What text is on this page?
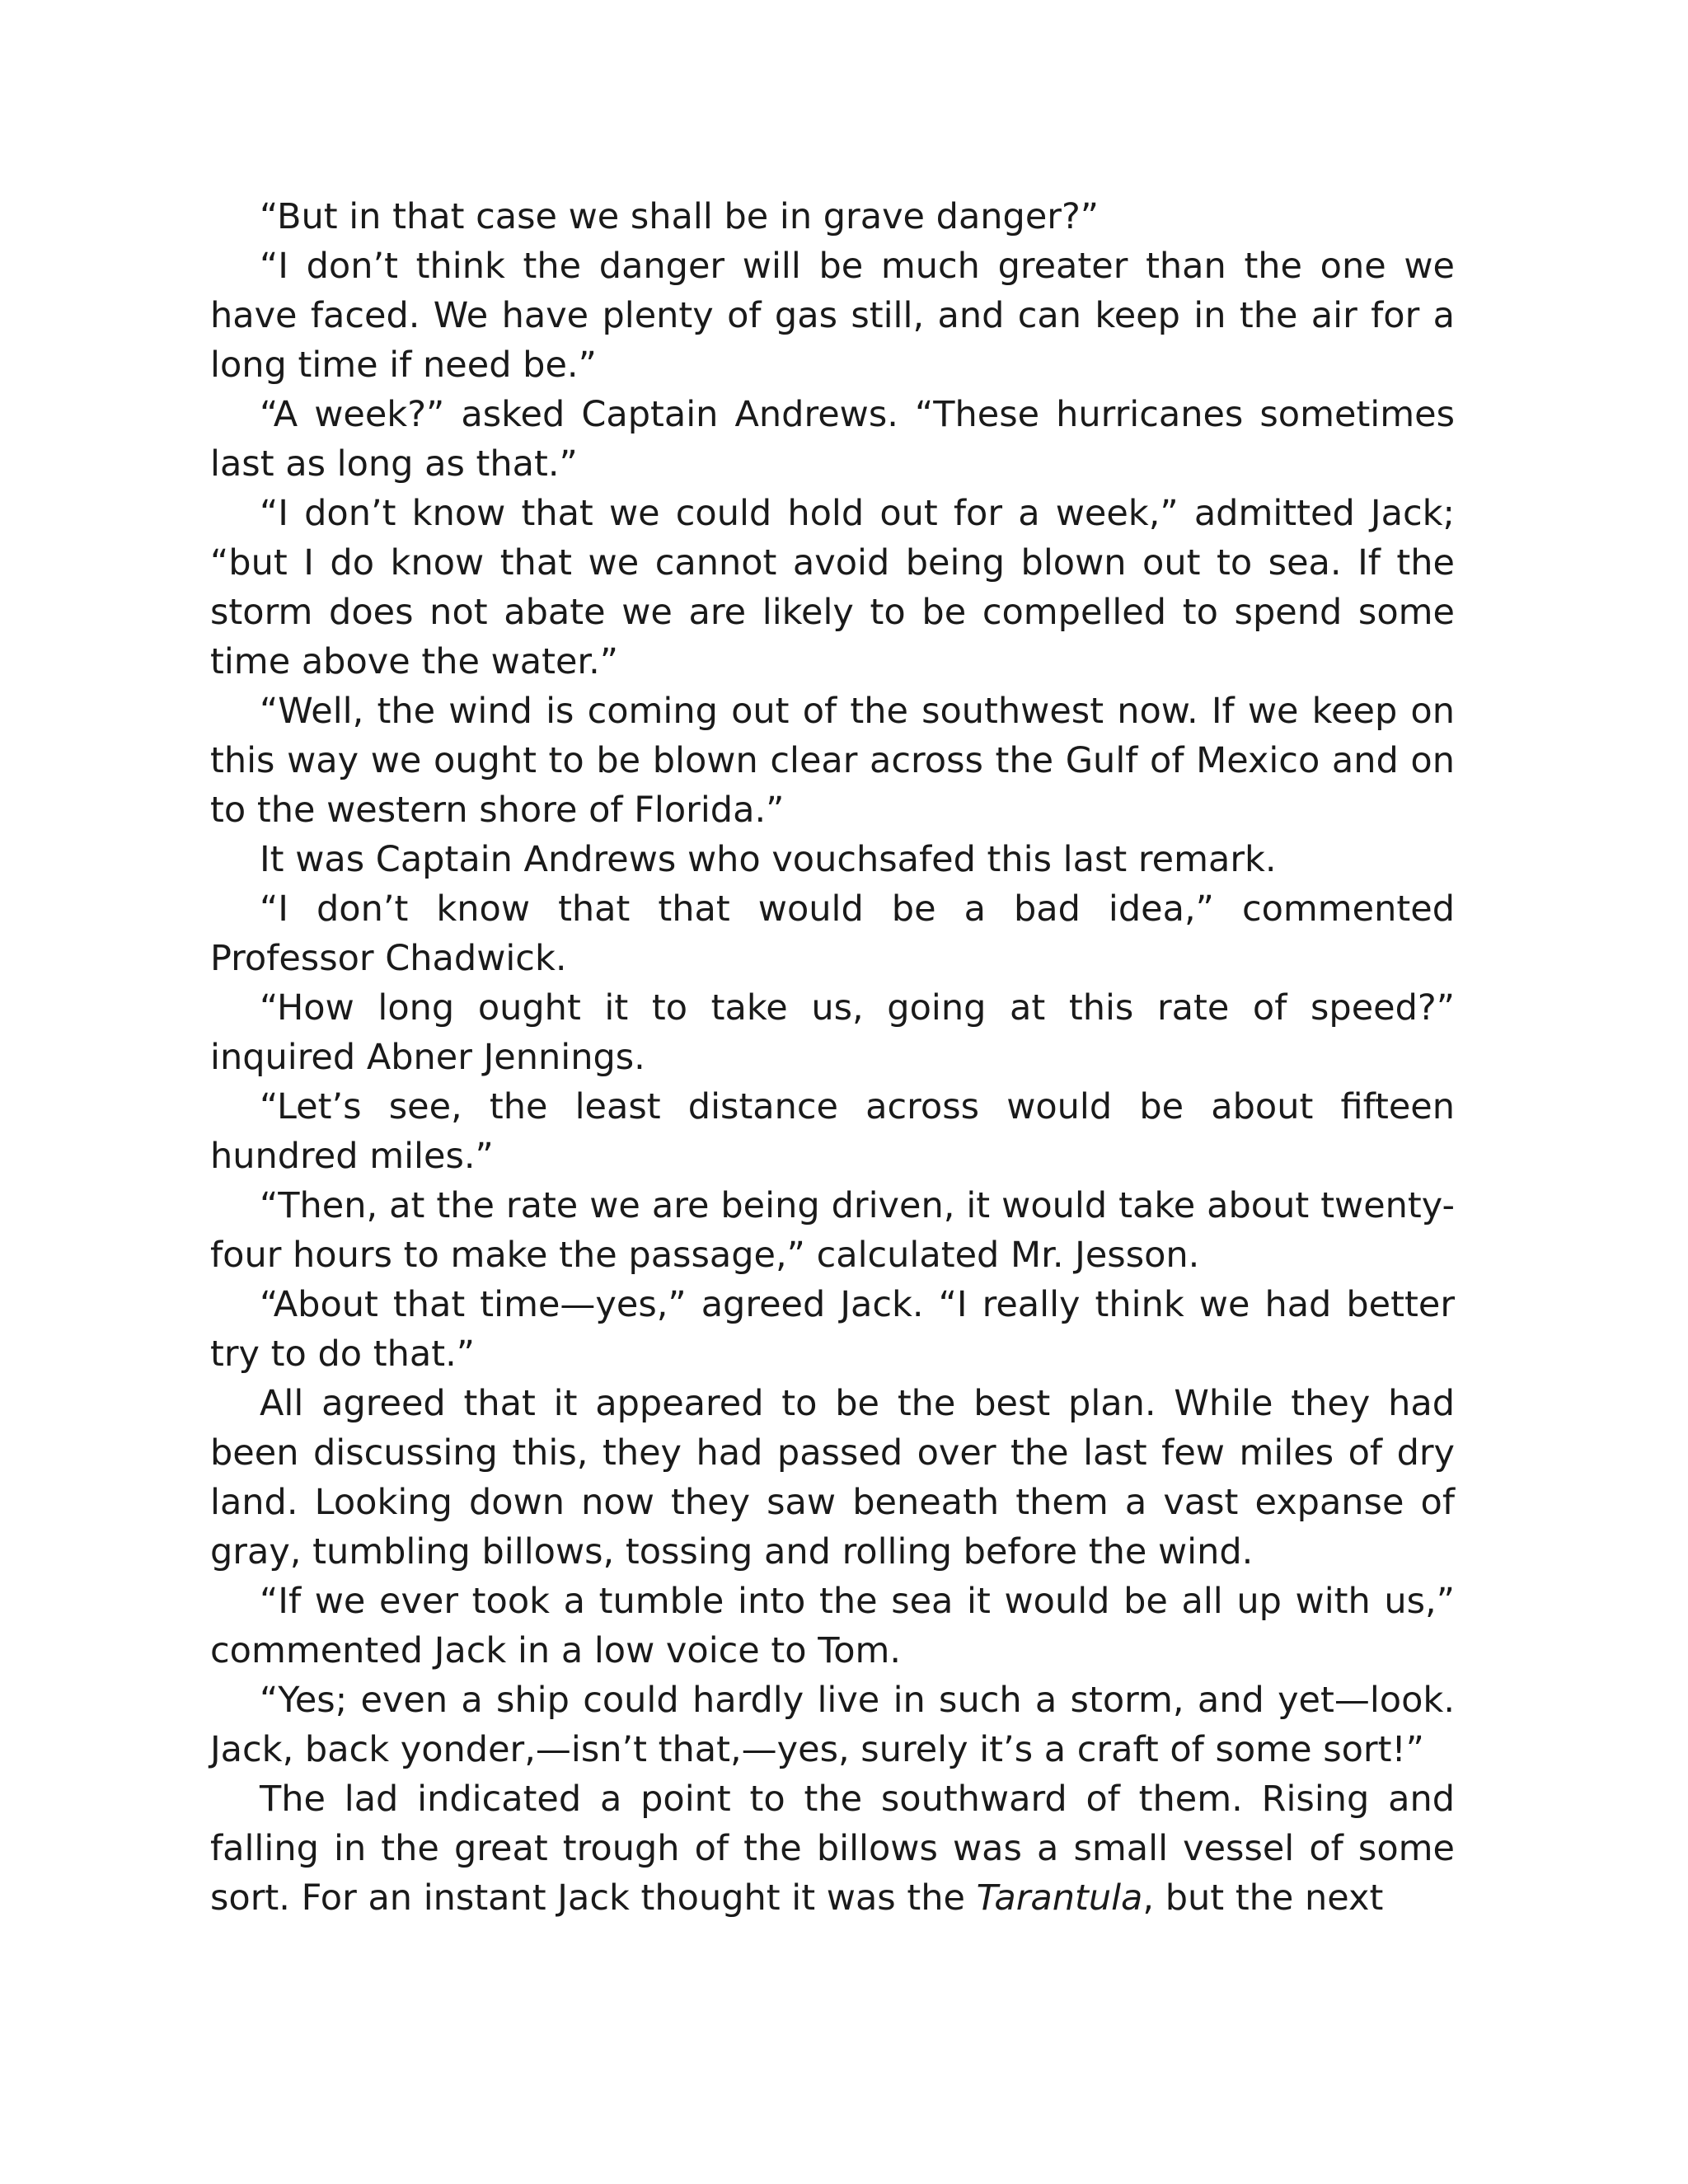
“But in that case we shall be in grave danger?”

“I don’t think the danger will be much greater than the one we have faced. We have plenty of gas still, and can keep in the air for a long time if need be.”

“A week?” asked Captain Andrews. “These hurricanes sometimes last as long as that.”

“I don’t know that we could hold out for a week,” admitted Jack; “but I do know that we cannot avoid being blown out to sea. If the storm does not abate we are likely to be compelled to spend some time above the water.”

“Well, the wind is coming out of the southwest now. If we keep on this way we ought to be blown clear across the Gulf of Mexico and on to the western shore of Florida.”

It was Captain Andrews who vouchsafed this last remark.

“I don’t know that that would be a bad idea,” commented Professor Chadwick.

“How long ought it to take us, going at this rate of speed?” inquired Abner Jennings.

“Let’s see, the least distance across would be about fifteen hundred miles.”

“Then, at the rate we are being driven, it would take about twenty-four hours to make the passage,” calculated Mr. Jesson.

“About that time—yes,” agreed Jack. “I really think we had better try to do that.”

All agreed that it appeared to be the best plan. While they had been discussing this, they had passed over the last few miles of dry land. Looking down now they saw beneath them a vast expanse of gray, tumbling billows, tossing and rolling before the wind.

“If we ever took a tumble into the sea it would be all up with us,” commented Jack in a low voice to Tom.

“Yes; even a ship could hardly live in such a storm, and yet—look. Jack, back yonder,—isn’t that,—yes, surely it’s a craft of some sort!”

The lad indicated a point to the southward of them. Rising and falling in the great trough of the billows was a small vessel of some sort. For an instant Jack thought it was the Tarantula, but the next
